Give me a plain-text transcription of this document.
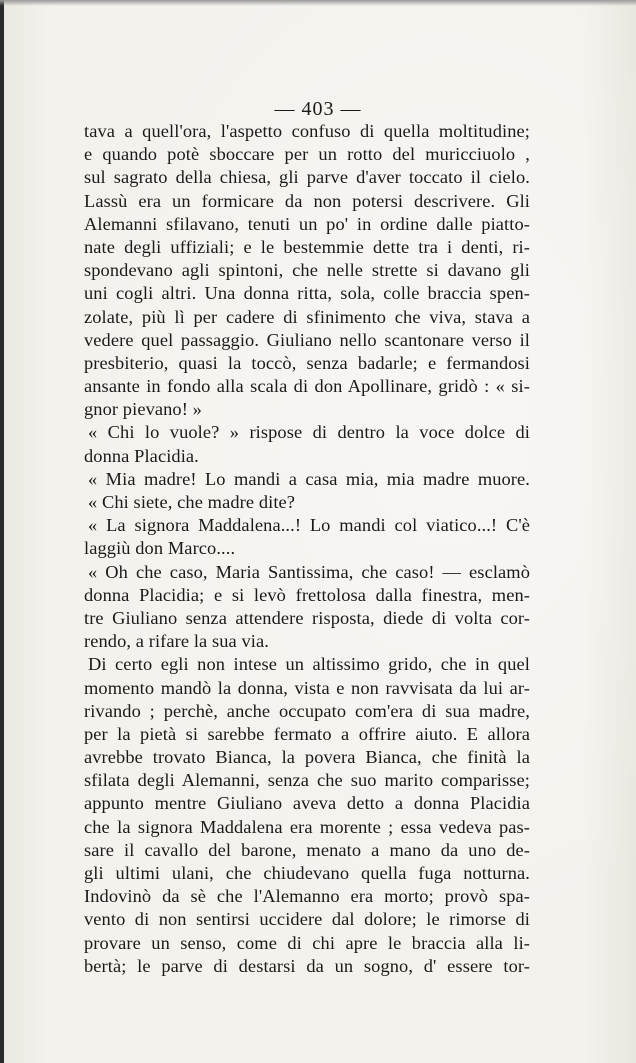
— 403 —
tava a quell'ora, l'aspetto confuso di quella moltitudine;
e quando potè sboccare per un rotto del muricciuolo ,
sul sagrato della chiesa, gli parve d'aver toccato il cielo.
Lassù era un formicare da non potersi descrivere. Gli
Alemanni sfilavano, tenuti un po' in ordine dalle piatto-
nate degli uffiziali; e le bestemmie dette tra i denti, ri-
spondevano agli spintoni, che nelle strette si davano gli
uni cogli altri. Una donna ritta, sola, colle braccia spen-
zolate, più lì per cadere di sfinimento che viva, stava a
vedere quel passaggio. Giuliano nello scantonare verso il
presbiterio, quasi la toccò, senza badarle; e fermandosi
ansante in fondo alla scala di don Apollinare, gridò : « si-
gnor pievano! »
« Chi lo vuole? » rispose di dentro la voce dolce di
donna Placidia.
« Mia madre! Lo mandi a casa mia, mia madre muore.
« Chi siete, che madre dite?
« La signora Maddalena...! Lo mandi col viatico...! C'è
laggiù don Marco....
« Oh che caso, Maria Santissima, che caso! — esclamò
donna Placidia; e si levò frettolosa dalla finestra, men-
tre Giuliano senza attendere risposta, diede di volta cor-
rendo, a rifare la sua via.
Di certo egli non intese un altissimo grido, che in quel
momento mandò la donna, vista e non ravvisata da lui ar-
rivando ; perchè, anche occupato com'era di sua madre,
per la pietà si sarebbe fermato a offrire aiuto. E allora
avrebbe trovato Bianca, la povera Bianca, che finità la
sfilata degli Alemanni, senza che suo marito comparisse;
appunto mentre Giuliano aveva detto a donna Placidia
che la signora Maddalena era morente ; essa vedeva pas-
sare il cavallo del barone, menato a mano da uno de-
gli ultimi ulani, che chiudevano quella fuga notturna.
Indovinò da sè che l'Alemanno era morto; provò spa-
vento di non sentirsi uccidere dal dolore; le rimorse di
provare un senso, come di chi apre le braccia alla li-
bertà; le parve di destarsi da un sogno, d' essere tor-
